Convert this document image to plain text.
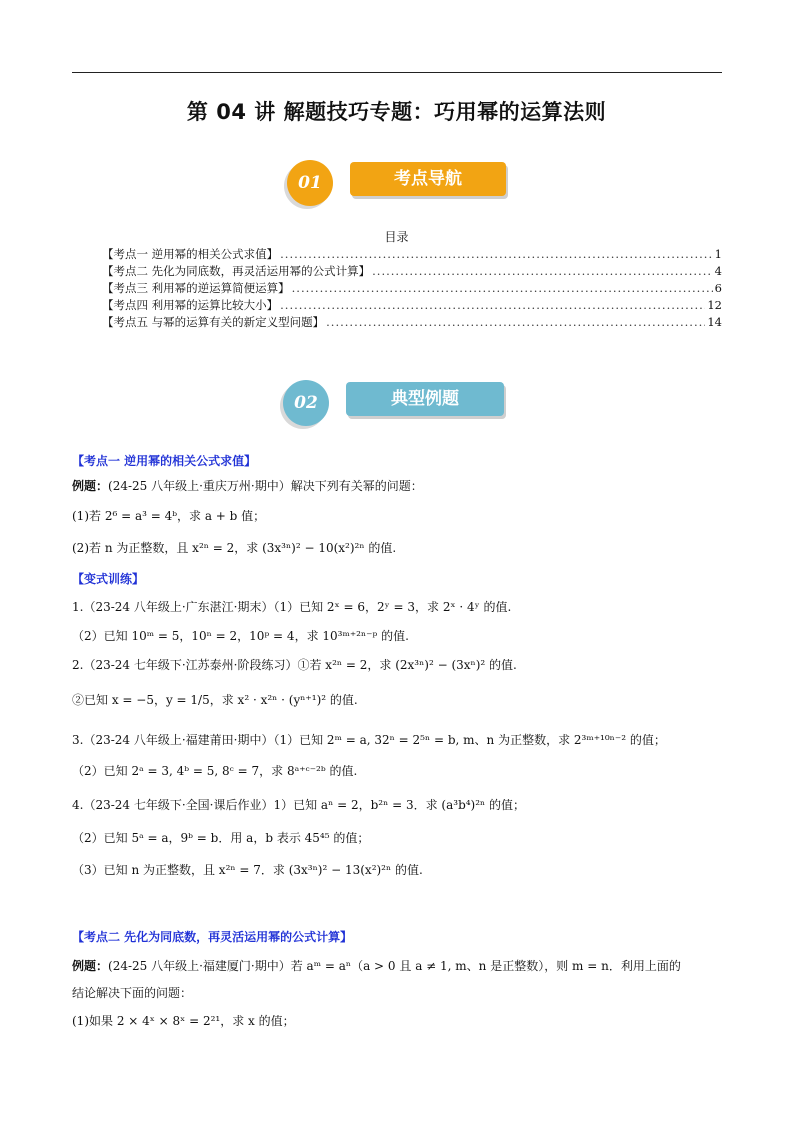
第 04 讲 解题技巧专题：巧用幂的运算法则
01	考点导航
目录
【考点一 逆用幂的相关公式求值】 .....	1
【考点二 先化为同底数，再灵活运用幂的公式计算】 .....	4
【考点三 利用幂的逆运算简便运算】 .....	6
【考点四 利用幂的运算比较大小】 .....	12
【考点五 与幂的运算有关的新定义型问题】 .....	14
02	典型例题
【考点一 逆用幂的相关公式求值】
例题：(24-25 八年级上·重庆万州·期中）解决下列有关幂的问题：
(1)若 2⁶ = a³ = 4ᵇ，求 a + b 值；
(2)若 n 为正整数，且 x²ⁿ = 2，求 (3x³ⁿ)² − 10(x²)²ⁿ 的值.
【变式训练】
1.（23-24 八年级上·广东湛江·期末）（1）已知 2ˣ = 6，2ʸ = 3，求 2ˣ · 4ʸ 的值.
（2）已知 10ᵐ = 5，10ⁿ = 2，10ᵖ = 4，求 10³ᵐ⁺²ⁿ⁻ᵖ 的值.
2.（23-24 七年级下·江苏泰州·阶段练习）①若 x²ⁿ = 2，求 (2x³ⁿ)² − (3xⁿ)² 的值.
②已知 x = −5，y = 1/5，求 x² · x²ⁿ · (yⁿ⁺¹)² 的值.
3.（23-24 八年级上·福建莆田·期中）（1）已知 2ᵐ = a, 32ⁿ = 2⁵ⁿ = b, m、n 为正整数，求 2³ᵐ⁺¹⁰ⁿ⁻² 的值；
（2）已知 2ᵃ = 3, 4ᵇ = 5, 8ᶜ = 7，求 8ᵃ⁺ᶜ⁻²ᵇ 的值.
4.（23-24 七年级下·全国·课后作业）1）已知 aⁿ = 2，b²ⁿ = 3．求 (a³b⁴)²ⁿ 的值；
（2）已知 5ᵃ = a，9ᵇ = b．用 a，b 表示 45⁴⁵ 的值；
（3）已知 n 为正整数，且 x²ⁿ = 7．求 (3x³ⁿ)² − 13(x²)²ⁿ 的值.
【考点二 先化为同底数，再灵活运用幂的公式计算】
例题：(24-25 八年级上·福建厦门·期中）若 aᵐ = aⁿ（a > 0 且 a ≠ 1, m、n 是正整数），则 m = n．利用上面的
结论解决下面的问题：
(1)如果 2 × 4ˣ × 8ˣ = 2²¹，求 x 的值；
